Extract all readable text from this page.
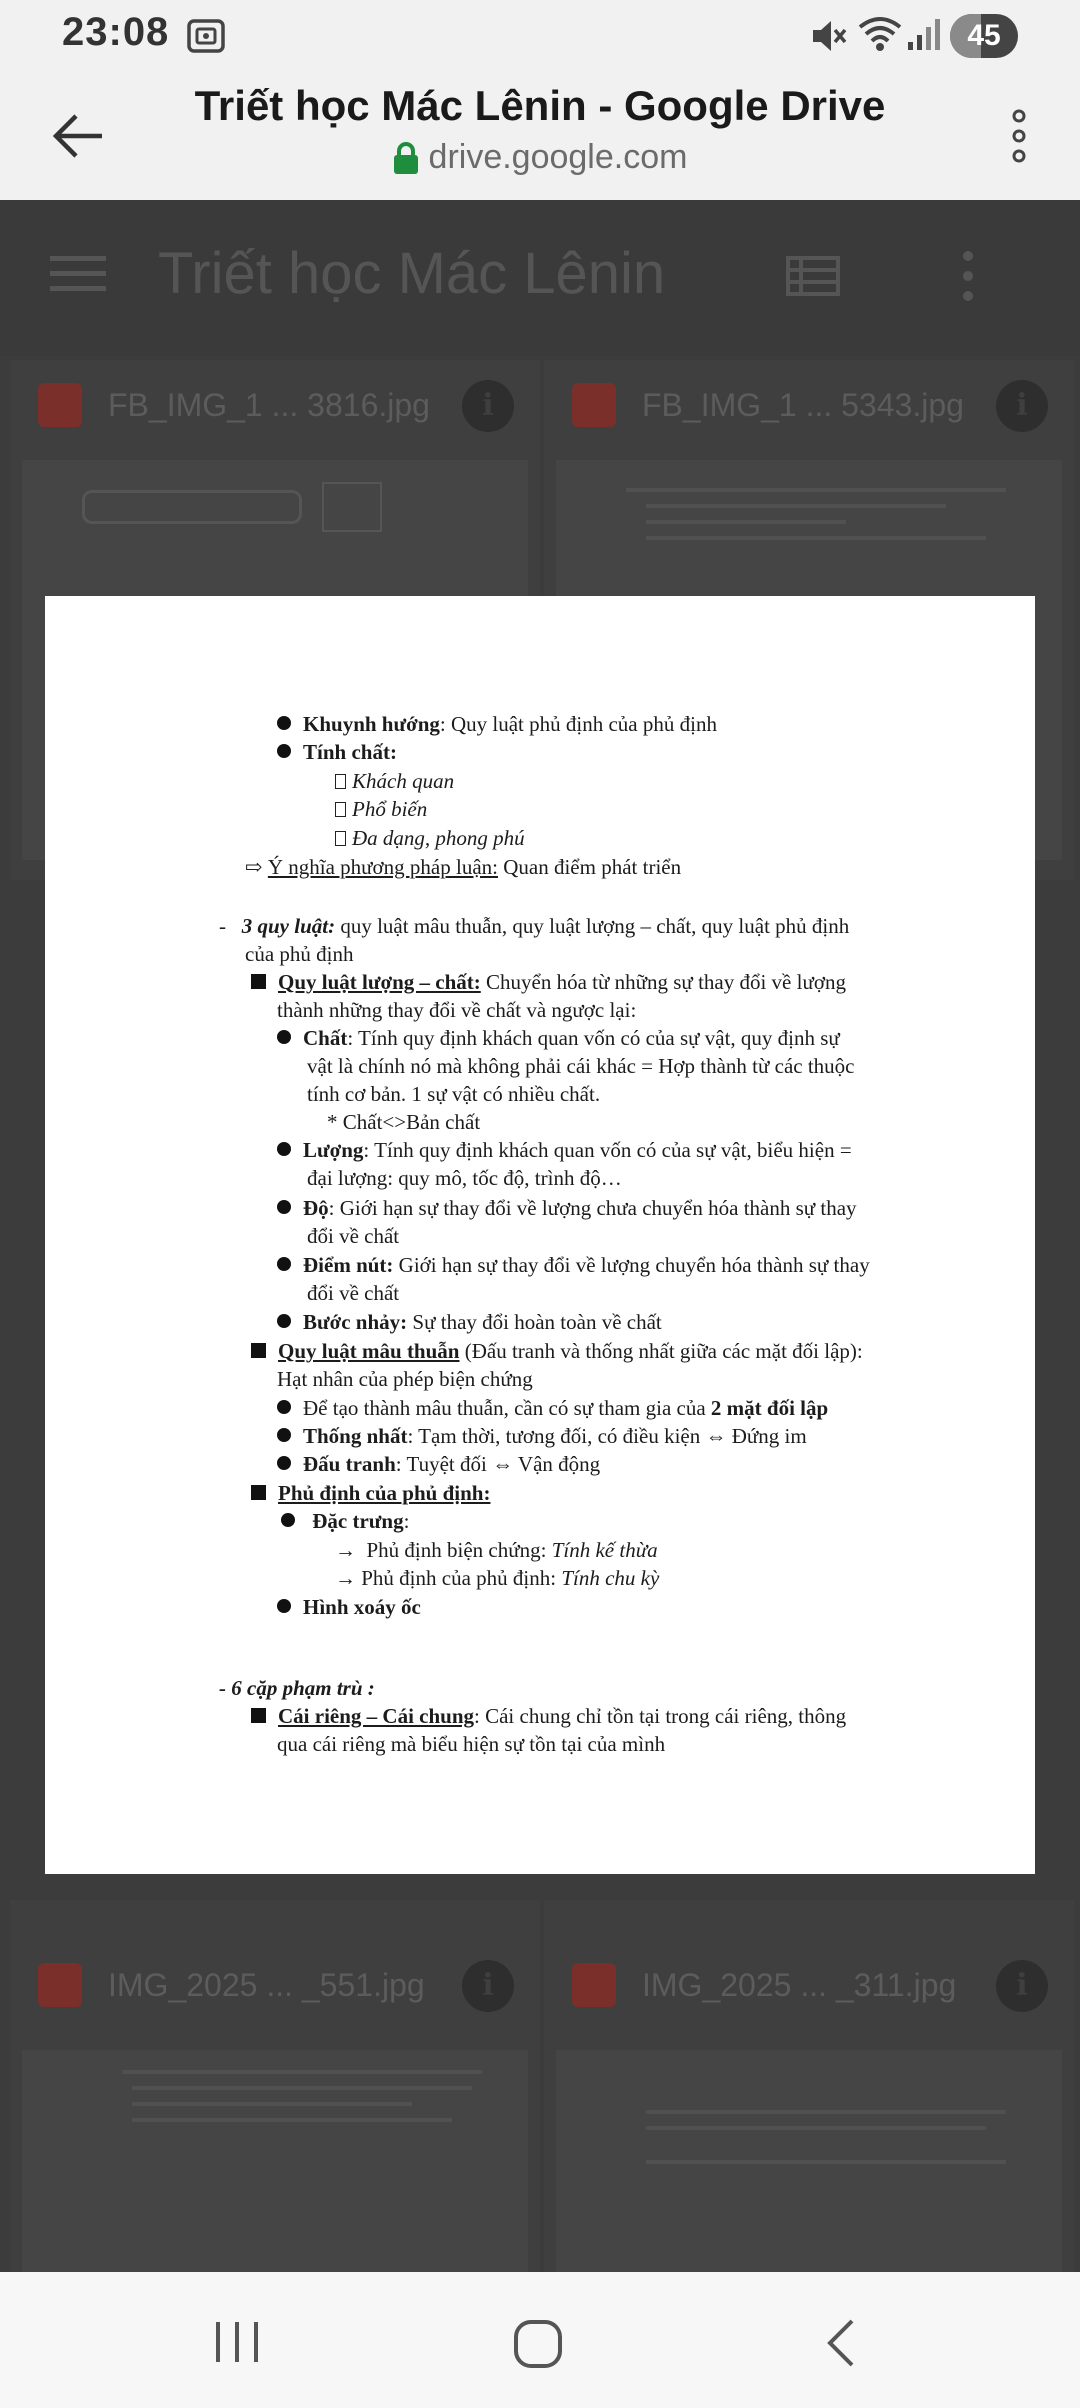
23:08	45
Triết học Mác Lênin - Google Drive
drive.google.com
Triết học Mác Lênin
FB_IMG_1 ... 3816.jpg	i	FB_IMG_1 ... 5343.jpg	i
IMG_2025 ... _551.jpg	i	IMG_2025 ... _311.jpg	i
Khuynh hướng: Quy luật phủ định của phủ định
Tính chất:
Khách quan
Phổ biến
Đa dạng, phong phú
⇨ Ý nghĩa phương pháp luận: Quan điểm phát triển
- 3 quy luật: quy luật mâu thuẫn, quy luật lượng – chất, quy luật phủ định
của phủ định
Quy luật lượng – chất: Chuyển hóa từ những sự thay đổi về lượng
thành những thay đổi về chất và ngược lại:
Chất: Tính quy định khách quan vốn có của sự vật, quy định sự
vật là chính nó mà không phải cái khác = Hợp thành từ các thuộc
tính cơ bản. 1 sự vật có nhiều chất.
* Chất<>Bản chất
Lượng: Tính quy định khách quan vốn có của sự vật, biểu hiện =
đại lượng: quy mô, tốc độ, trình độ…
Độ: Giới hạn sự thay đổi về lượng chưa chuyển hóa thành sự thay
đổi về chất
Điểm nút: Giới hạn sự thay đổi về lượng chuyển hóa thành sự thay
đổi về chất
Bước nhảy: Sự thay đổi hoàn toàn về chất
Quy luật mâu thuẫn (Đấu tranh và thống nhất giữa các mặt đối lập):
Hạt nhân của phép biện chứng
Để tạo thành mâu thuẫn, cần có sự tham gia của 2 mặt đối lập
Thống nhất: Tạm thời, tương đối, có điều kiện ⇔ Đứng im
Đấu tranh: Tuyệt đối ⇔ Vận động
Phủ định của phủ định:
Đặc trưng:
→  Phủ định biện chứng: Tính kế thừa
→ Phủ định của phủ định: Tính chu kỳ
Hình xoáy ốc
- 6 cặp phạm trù :
Cái riêng – Cái chung: Cái chung chỉ tồn tại trong cái riêng, thông
qua cái riêng mà biểu hiện sự tồn tại của mình
